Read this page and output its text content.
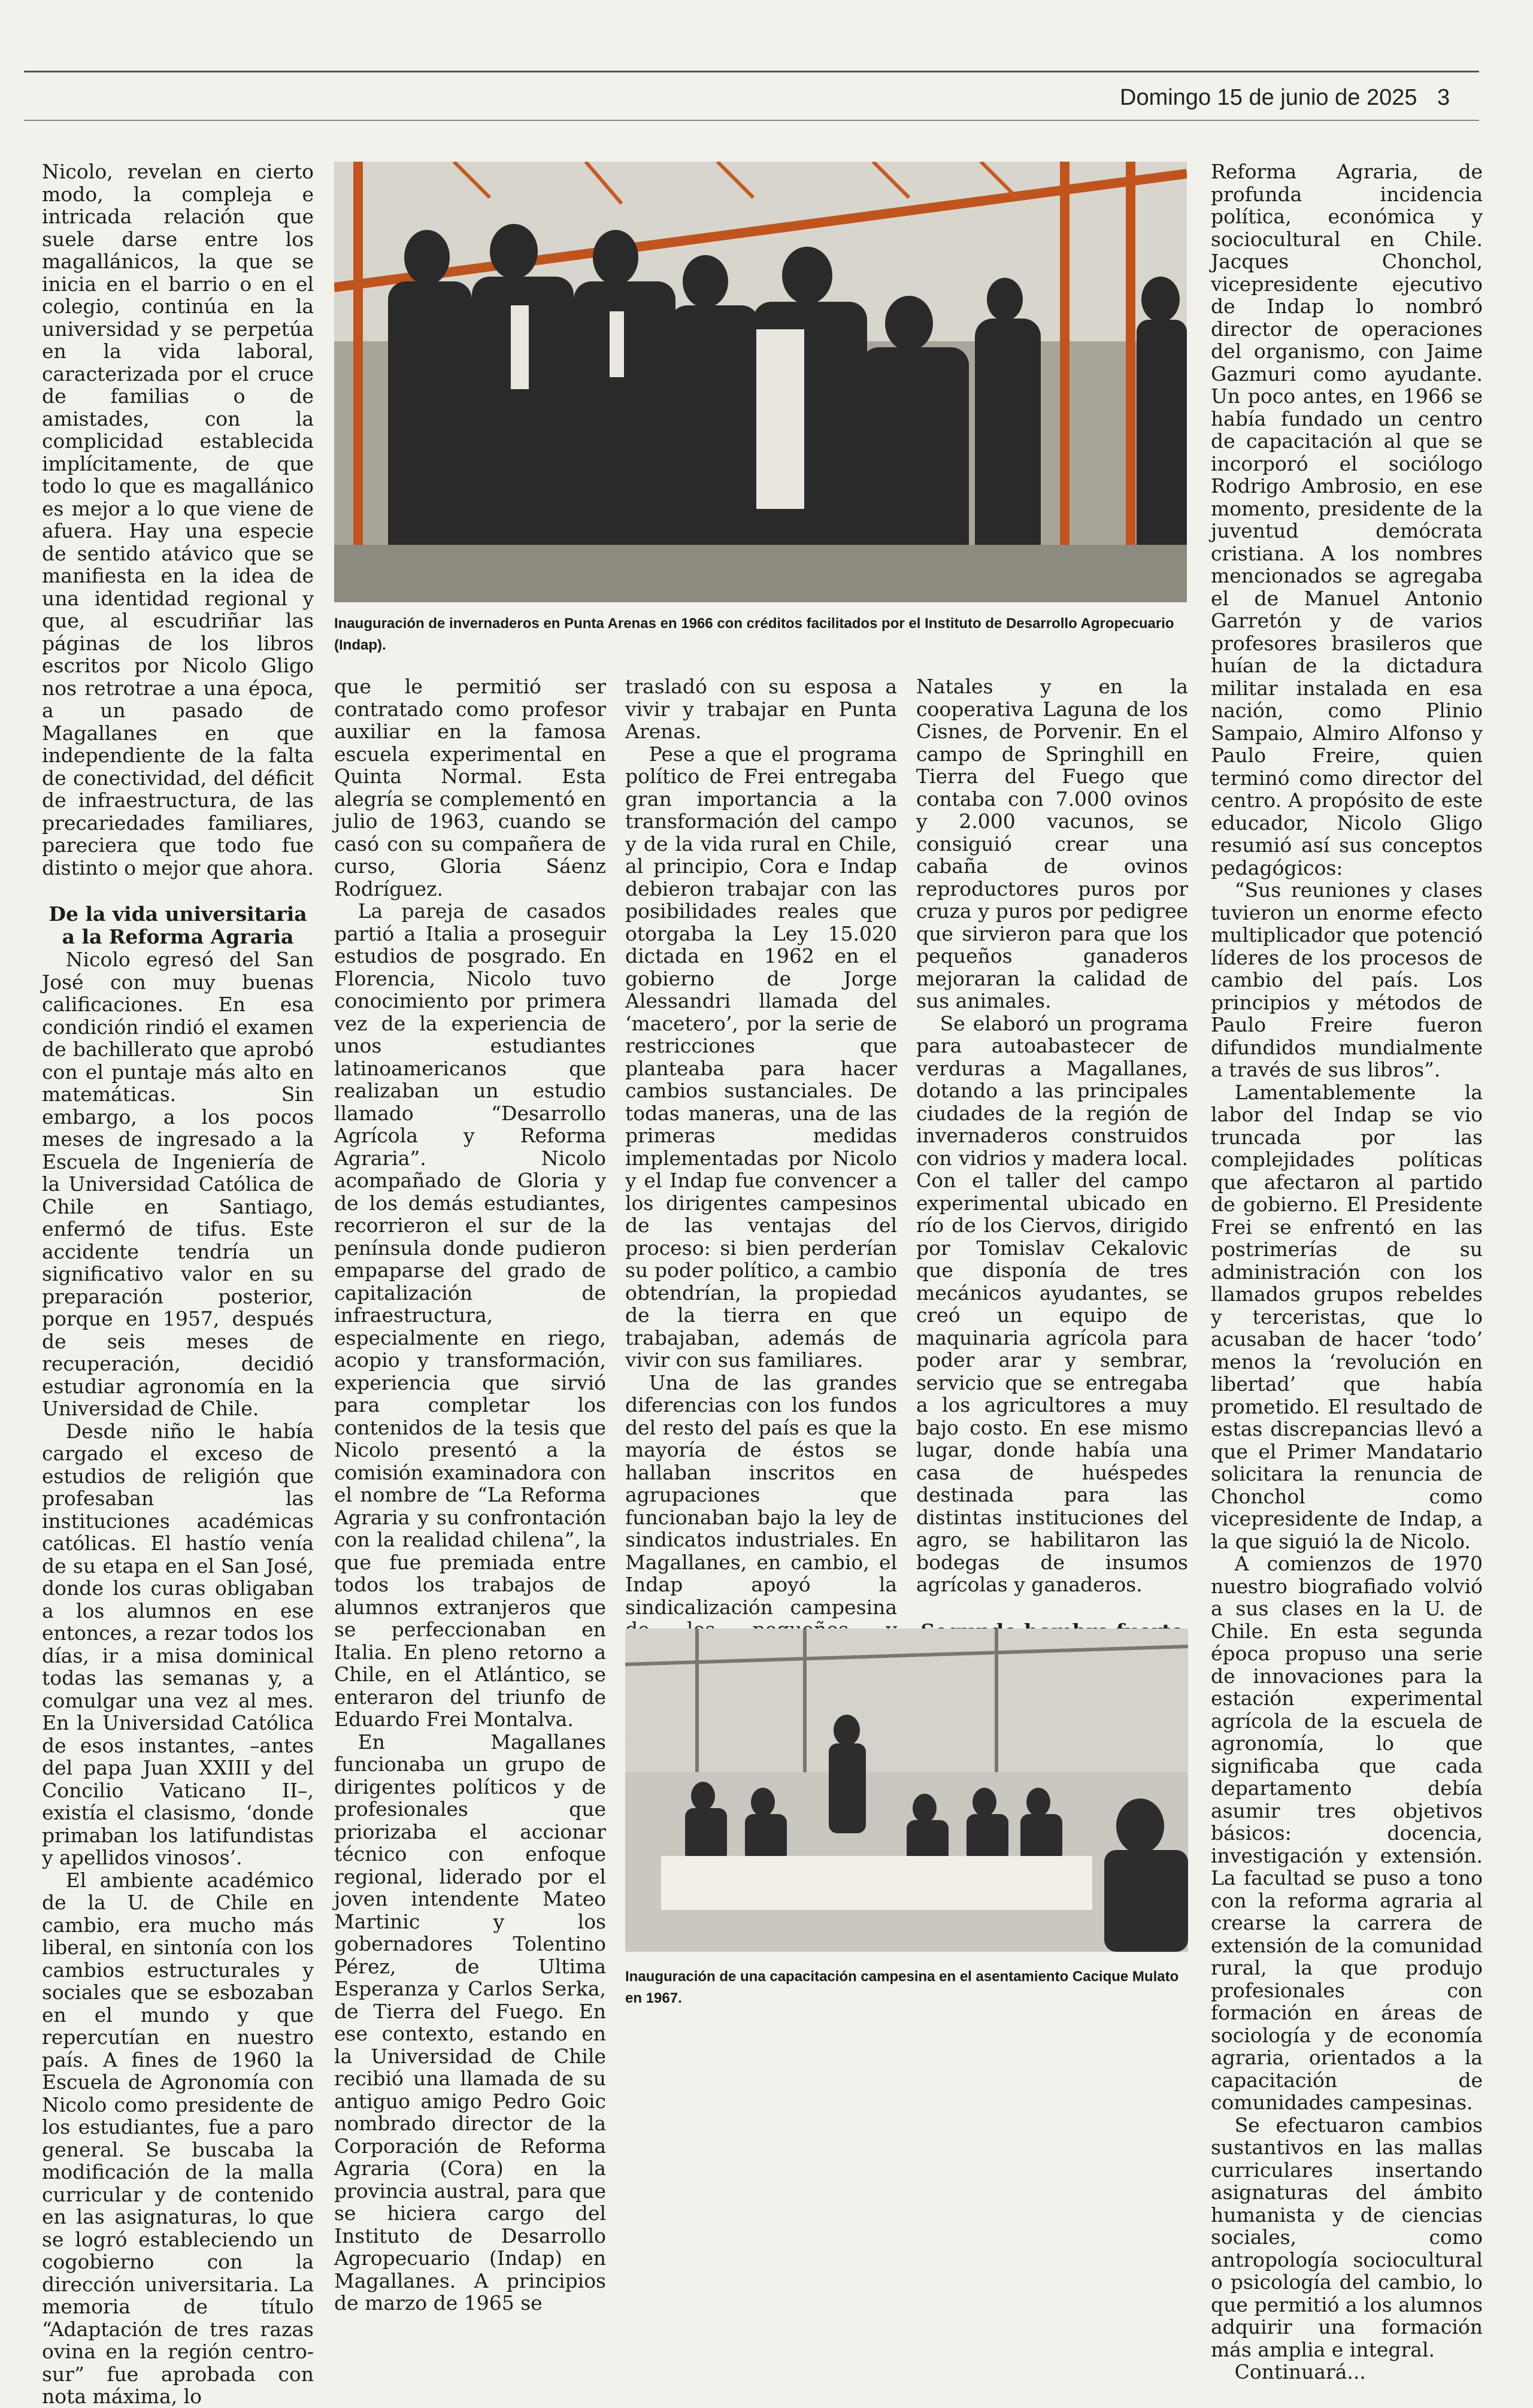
Domingo 15 de junio de 2025 3
Inauguración de invernaderos en Punta Arenas en 1966 con créditos facilitados por el Instituto de Desarrollo Agropecuario (Indap).

Nicolo, revelan en cierto modo, la compleja e intricada relación que suele darse entre los magallánicos, la que se inicia en el barrio o en el colegio, continúa en la universidad y se perpetúa en la vida laboral, caracterizada por el cruce de familias o de amistades, con la complicidad establecida implícitamente, de que todo lo que es magallánico es mejor a lo que viene de afuera. Hay una especie de sentido atávico que se manifiesta en la idea de una identidad regional y que, al escudriñar las páginas de los libros escritos por Nicolo Gligo nos retrotrae a una época, a un pasado de Magallanes en que independiente de la falta de conectividad, del déficit de infraestructura, de las precariedades familiares, pareciera que todo fue distinto o mejor que ahora.

De la vida universitaria a la Reforma Agraria

Nicolo egresó del San José con muy buenas calificaciones. En esa condición rindió el examen de bachillerato que aprobó con el puntaje más alto en matemáticas. Sin embargo, a los pocos meses de ingresado a la Escuela de Ingeniería de la Universidad Católica de Chile en Santiago, enfermó de tifus. Este accidente tendría un significativo valor en su preparación posterior, porque en 1957, después de seis meses de recuperación, decidió estudiar agronomía en la Universidad de Chile.

Desde niño le había cargado el exceso de estudios de religión que profesaban las instituciones académicas católicas. El hastío venía de su etapa en el San José, donde los curas obligaban a los alumnos en ese entonces, a rezar todos los días, ir a misa dominical todas las semanas y, a comulgar una vez al mes. En la Universidad Católica de esos instantes, –antes del papa Juan XXIII y del Concilio Vaticano II–, existía el clasismo, ‘donde primaban los latifundistas y apellidos vinosos’.

El ambiente académico de la U. de Chile en cambio, era mucho más liberal, en sintonía con los cambios estructurales y sociales que se esbozaban en el mundo y que repercutían en nuestro país. A fines de 1960 la Escuela de Agronomía con Nicolo como presidente de los estudiantes, fue a paro general. Se buscaba la modificación de la malla curricular y de contenido en las asignaturas, lo que se logró estableciendo un cogobierno con la dirección universitaria. La memoria de título “Adaptación de tres razas ovina en la región centro-sur” fue aprobada con nota máxima, lo

que le permitió ser contratado como profesor auxiliar en la famosa escuela experimental en Quinta Normal. Esta alegría se complementó en julio de 1963, cuando se casó con su compañera de curso, Gloria Sáenz Rodríguez.

La pareja de casados partió a Italia a proseguir estudios de posgrado. En Florencia, Nicolo tuvo conocimiento por primera vez de la experiencia de unos estudiantes latinoamericanos que realizaban un estudio llamado “Desarrollo Agrícola y Reforma Agraria”. Nicolo acompañado de Gloria y de los demás estudiantes, recorrieron el sur de la península donde pudieron empaparse del grado de capitalización de infraestructura, especialmente en riego, acopio y transformación, experiencia que sirvió para completar los contenidos de la tesis que Nicolo presentó a la comisión examinadora con el nombre de “La Reforma Agraria y su confrontación con la realidad chilena”, la que fue premiada entre todos los trabajos de alumnos extranjeros que se perfeccionaban en Italia. En pleno retorno a Chile, en el Atlántico, se enteraron del triunfo de Eduardo Frei Montalva.

En Magallanes funcionaba un grupo de dirigentes políticos y de profesionales que priorizaba el accionar técnico con enfoque regional, liderado por el joven intendente Mateo Martinic y los gobernadores Tolentino Pérez, de Ultima Esperanza y Carlos Serka, de Tierra del Fuego. En ese contexto, estando en la Universidad de Chile recibió una llamada de su antiguo amigo Pedro Goic nombrado director de la Corporación de Reforma Agraria (Cora) en la provincia austral, para que se hiciera cargo del Instituto de Desarrollo Agropecuario (Indap) en Magallanes. A principios de marzo de 1965 se

trasladó con su esposa a vivir y trabajar en Punta Arenas.

Pese a que el programa político de Frei entregaba gran importancia a la transformación del campo y de la vida rural en Chile, al principio, Cora e Indap debieron trabajar con las posibilidades reales que otorgaba la Ley 15.020 dictada en 1962 en el gobierno de Jorge Alessandri llamada del ‘macetero’, por la serie de restricciones que planteaba para hacer cambios sustanciales. De todas maneras, una de las primeras medidas implementadas por Nicolo y el Indap fue convencer a los dirigentes campesinos de las ventajas del proceso: si bien perderían su poder político, a cambio obtendrían, la propiedad de la tierra en que trabajaban, además de vivir con sus familiares.

Una de las grandes diferencias con los fundos del resto del país es que la mayoría de éstos se hallaban inscritos en agrupaciones que funcionaban bajo la ley de sindicatos industriales. En Magallanes, en cambio, el Indap apoyó la sindicalización campesina

Natales y en la cooperativa Laguna de los Cisnes, de Porvenir. En el campo de Springhill en Tierra del Fuego que contaba con 7.000 ovinos y 2.000 vacunos, se consiguió crear una cabaña de ovinos reproductores puros por cruza y puros por pedigree que sirvieron para que los pequeños ganaderos mejoraran la calidad de sus animales.

Se elaboró un programa para autoabastecer de verduras a Magallanes, dotando a las principales ciudades de la región de invernaderos construidos con vidrios y madera local. Con el taller del campo experimental ubicado en río de los Ciervos, dirigido por Tomislav Cekalovic que disponía de tres mecánicos ayudantes, se creó un equipo de maquinaria agrícola para poder arar y sembrar, servicio que se entregaba a los agricultores a muy bajo costo. En ese mismo lugar, donde había una casa de huéspedes destinada para las distintas instituciones del agro, se habilitaron las bodegas de insumos agrícolas y ganaderos.

Inauguración de una capacitación campesina en el asentamiento Cacique Mulato en 1967.

Reforma Agraria, de profunda incidencia política, económica y sociocultural en Chile. Jacques Chonchol, vicepresidente ejecutivo de Indap lo nombró director de operaciones del organismo, con Jaime Gazmuri como ayudante. Un poco antes, en 1966 se había fundado un centro de capacitación al que se incorporó el sociólogo Rodrigo Ambrosio, en ese momento, presidente de la juventud demócrata cristiana. A los nombres mencionados se agregaba el de Manuel Antonio Garretón y de varios profesores brasileros que huían de la dictadura militar instalada en esa nación, como Plinio Sampaio, Almiro Alfonso y Paulo Freire, quien terminó como director del centro. A propósito de este educador, Nicolo Gligo resumió así sus conceptos pedagógicos:

“Sus reuniones y clases tuvieron un enorme efecto multiplicador que potenció líderes de los procesos de cambio del país. Los principios y métodos de Paulo Freire fueron difundidos mundialmente a través de sus libros”.

Lamentablemente la labor del Indap se vio truncada por las complejidades políticas que afectaron al partido de gobierno. El Presidente Frei se enfrentó en las postrimerías de su administración con los llamados grupos rebeldes y terceristas, que lo acusaban de hacer ‘todo’ menos la ‘revolución en libertad’ que había prometido. El resultado de estas discrepancias llevó a que el Primer Mandatario solicitara la renuncia de Chonchol como vicepresidente de Indap, a la que siguió la de Nicolo.

A comienzos de 1970 nuestro biografiado volvió a sus clases en la U. de Chile. En esta segunda época propuso una serie de innovaciones para la estación experimental agrícola de la escuela de agronomía, lo que significaba que cada departamento debía asumir tres objetivos básicos: docencia, investigación y extensión. La facultad se puso a tono con la reforma agraria al crearse la carrera de extensión de la comunidad rural, la que produjo profesionales con formación en áreas de sociología y de economía agraria, orientados a la capacitación de comunidades campesinas.

Se efectuaron cambios sustantivos en las mallas curriculares insertando asignaturas del ámbito humanista y de ciencias sociales, como antropología sociocultural o psicología del cambio, lo que permitió a los alumnos adquirir una formación más amplia e integral.

Continuará...
